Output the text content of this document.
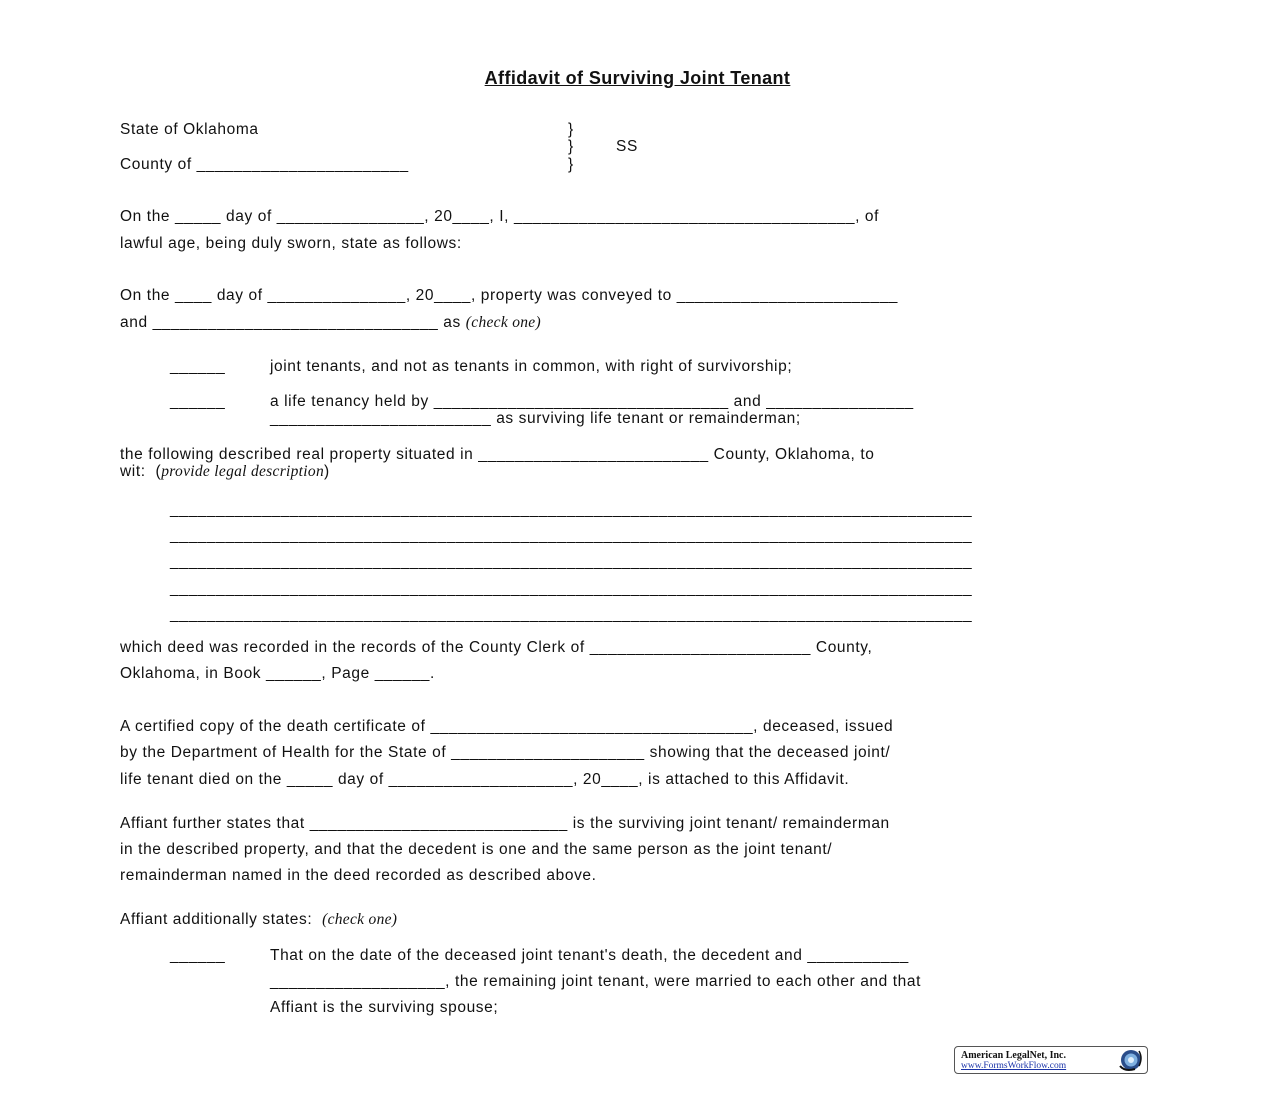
Affidavit of Surviving Joint Tenant
State of Oklahoma
County of _______________________
}
}
}
SS
On the _____ day of ________________, 20____, I, _____________________________________, of
lawful age, being duly sworn, state as follows:
On the ____ day of _______________, 20____, property was conveyed to ________________________
and _______________________________ as (check one)
______	joint tenants, and not as tenants in common, with right of survivorship;
______	a life tenancy held by ________________________________ and ________________
________________________ as surviving life tenant or remainderman;
the following described real property situated in _________________________ County, Oklahoma, to
wit:  (provide legal description)
_______________________________________________________________________________________
_______________________________________________________________________________________
_______________________________________________________________________________________
_______________________________________________________________________________________
_______________________________________________________________________________________
which deed was recorded in the records of the County Clerk of ________________________ County,
Oklahoma, in Book ______, Page ______.
A certified copy of the death certificate of ___________________________________, deceased, issued
by the Department of Health for the State of _____________________ showing that the deceased joint/
life tenant died on the _____ day of ____________________, 20____, is attached to this Affidavit.
Affiant further states that ____________________________ is the surviving joint tenant/ remainderman
in the described property, and that the decedent is one and the same person as the joint tenant/
remainderman named in the deed recorded as described above.
Affiant additionally states:  (check one)
______	That on the date of the deceased joint tenant's death, the decedent and ___________
___________________, the remaining joint tenant, were married to each other and that
Affiant is the surviving spouse;
American LegalNet, Inc.
www.FormsWorkFlow.com
